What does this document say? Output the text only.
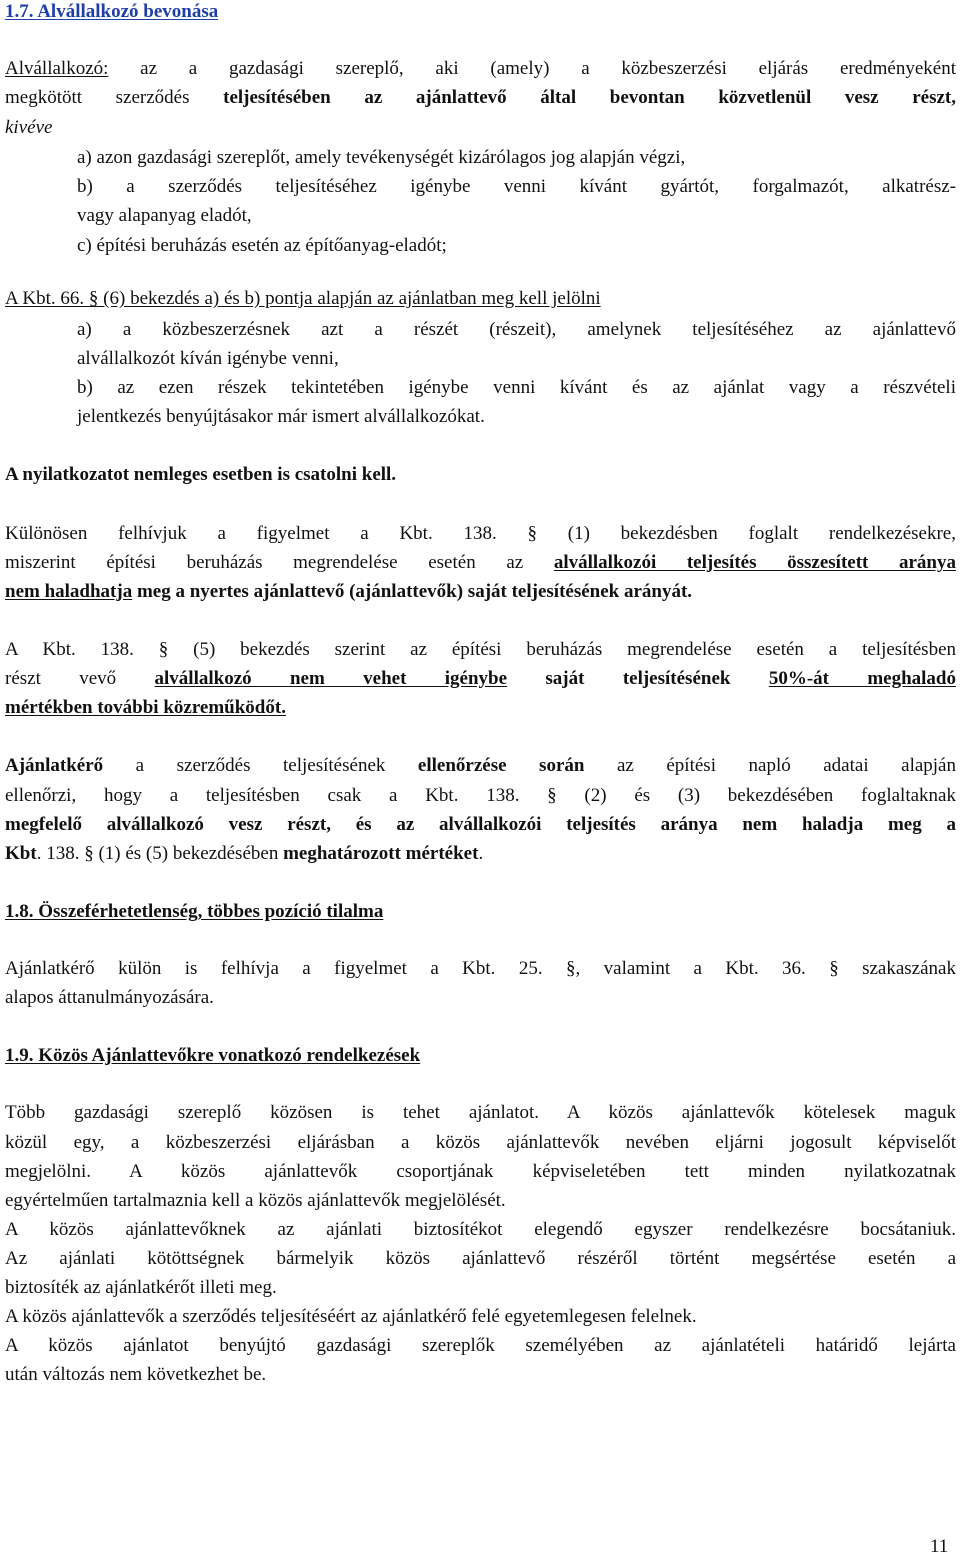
1.7. Alvállalkozó bevonása
Alvállalkozó: az a gazdasági szereplő, aki (amely) a közbeszerzési eljárás eredményeként
megkötött szerződés teljesítésében az ajánlattevő által bevontan közvetlenül vesz részt,
kivéve
a) azon gazdasági szereplőt, amely tevékenységét kizárólagos jog alapján végzi,
b) a szerződés teljesítéséhez igénybe venni kívánt gyártót, forgalmazót, alkatrész-
vagy alapanyag eladót,
c) építési beruházás esetén az építőanyag-eladót;
A Kbt. 66. § (6) bekezdés a) és b) pontja alapján az ajánlatban meg kell jelölni
a) a közbeszerzésnek azt a részét (részeit), amelynek teljesítéséhez az ajánlattevő
alvállalkozót kíván igénybe venni,
b) az ezen részek tekintetében igénybe venni kívánt és az ajánlat vagy a részvételi
jelentkezés benyújtásakor már ismert alvállalkozókat.
A nyilatkozatot nemleges esetben is csatolni kell.
Különösen felhívjuk a figyelmet a Kbt. 138. § (1) bekezdésben foglalt rendelkezésekre,
miszerint építési beruházás megrendelése esetén az alvállalkozói teljesítés összesített aránya
nem haladhatja meg a nyertes ajánlattevő (ajánlattevők) saját teljesítésének arányát.
A Kbt. 138. § (5) bekezdés szerint az építési beruházás megrendelése esetén a teljesítésben
részt vevő alvállalkozó nem vehet igénybe saját teljesítésének 50%-át meghaladó
mértékben további közreműködőt.
Ajánlatkérő a szerződés teljesítésének ellenőrzése során az építési napló adatai alapján
ellenőrzi, hogy a teljesítésben csak a Kbt. 138. § (2) és (3) bekezdésében foglaltaknak
megfelelő alvállalkozó vesz részt, és az alvállalkozói teljesítés aránya nem haladja meg a
Kbt. 138. § (1) és (5) bekezdésében meghatározott mértéket.
1.8. Összeférhetetlenség, többes pozíció tilalma
Ajánlatkérő külön is felhívja a figyelmet a Kbt. 25. §, valamint a Kbt. 36. § szakaszának
alapos áttanulmányozására.
1.9. Közös Ajánlattevőkre vonatkozó rendelkezések
Több gazdasági szereplő közösen is tehet ajánlatot. A közös ajánlattevők kötelesek maguk
közül egy, a közbeszerzési eljárásban a közös ajánlattevők nevében eljárni jogosult képviselőt
megjelölni. A közös ajánlattevők csoportjának képviseletében tett minden nyilatkozatnak
egyértelműen tartalmaznia kell a közös ajánlattevők megjelölését.
A közös ajánlattevőknek az ajánlati biztosítékot elegendő egyszer rendelkezésre bocsátaniuk.
Az ajánlati kötöttségnek bármelyik közös ajánlattevő részéről történt megsértése esetén a
biztosíték az ajánlatkérőt illeti meg.
A közös ajánlattevők a szerződés teljesítéséért az ajánlatkérő felé egyetemlegesen felelnek.
A közös ajánlatot benyújtó gazdasági szereplők személyében az ajánlatételi határidő lejárta
után változás nem következhet be.
11
